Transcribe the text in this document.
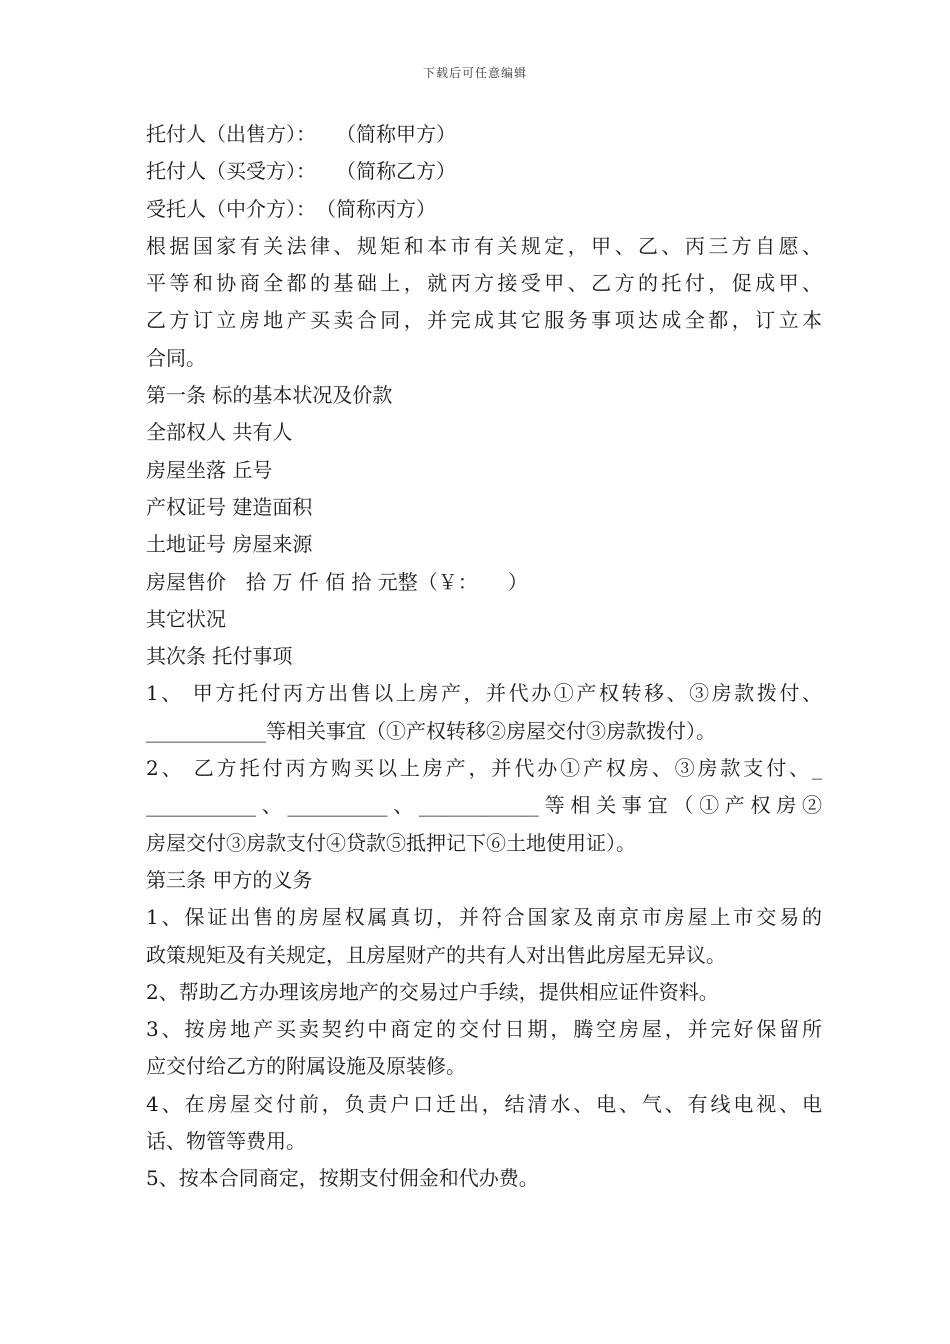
下载后可任意编辑
托付人（出售方）：　　（简称甲方）
托付人（买受方）：　　（简称乙方）
受托人（中介方）：　（简称丙方）
根据国家有关法律、规矩和本市有关规定，甲、乙、丙三方自愿、
平等和协商全都的基础上，就丙方接受甲、乙方的托付，促成甲、
乙方订立房地产买卖合同，并完成其它服务事项达成全都，订立本
合同。
第一条 标的基本状况及价款
全部权人 共有人
房屋坐落 丘号
产权证号 建造面积
土地证号 房屋来源
房屋售价　拾 万 仟 佰 拾 元整（￥：　　）
其它状况
其次条 托付事项
1、 甲方托付丙方出售以上房产，并代办①产权转移、③房款拨付、
____________等相关事宜（①产权转移②房屋交付③房款拨付）。
2、 乙方托付丙方购买以上房产，并代办①产权房、③房款支付、_
___________、__________、____________等相关事宜（①产权房②
房屋交付③房款支付④贷款⑤抵押记下⑥土地使用证）。
第三条 甲方的义务
1、保证出售的房屋权属真切，并符合国家及南京市房屋上市交易的
政策规矩及有关规定，且房屋财产的共有人对出售此房屋无异议。
2、帮助乙方办理该房地产的交易过户手续，提供相应证件资料。
3、按房地产买卖契约中商定的交付日期，腾空房屋，并完好保留所
应交付给乙方的附属设施及原装修。
4、在房屋交付前，负责户口迁出，结清水、电、气、有线电视、电
话、物管等费用。
5、按本合同商定，按期支付佣金和代办费。
